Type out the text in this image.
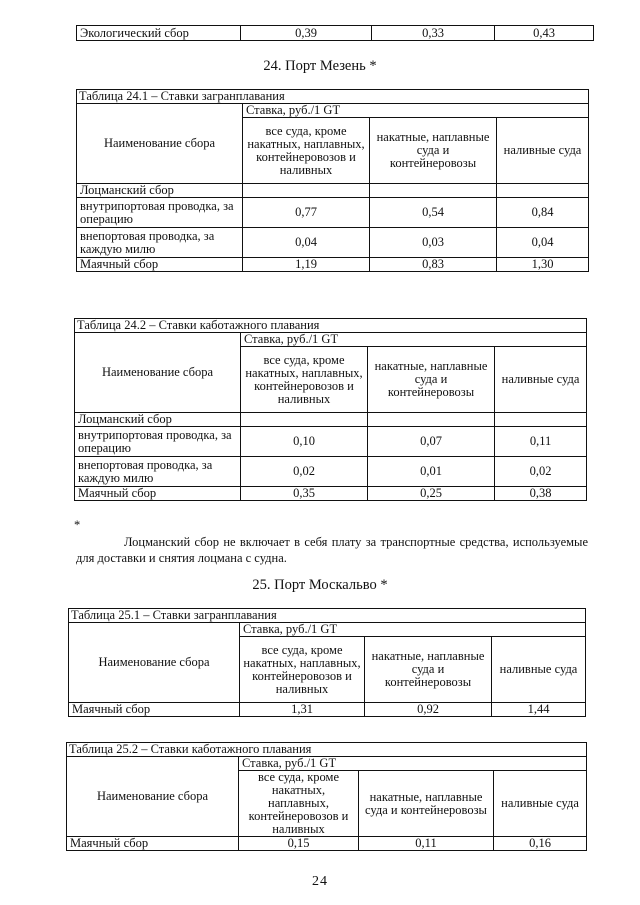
Экологический сбор	0,39	0,33	0,43
24. Порт Мезень *
Таблица 24.1 – Ставки загранплавания			
Наименование сбора	Ставка, руб./1 GT		
	все суда, кроме накатных, наплавных, контейнеровозов и наливных	накатные, наплавные суда и контейнеровозы	наливные суда
Лоцманский сбор			
внутрипортовая проводка, за операцию	0,77	0,54	0,84
внепортовая проводка, за каждую милю	0,04	0,03	0,04
Маячный сбор	1,19	0,83	1,30
Таблица 24.2 – Ставки каботажного плавания			
Наименование сбора	Ставка, руб./1 GT		
	все суда, кроме накатных, наплавных, контейнеровозов и наливных	накатные, наплавные суда и контейнеровозы	наливные суда
Лоцманский сбор			
внутрипортовая проводка, за операцию	0,10	0,07	0,11
внепортовая проводка, за каждую милю	0,02	0,01	0,02
Маячный сбор	0,35	0,25	0,38
*
Лоцманский сбор не включает в себя плату за транспортные средства, используемые для доставки и снятия лоцмана с судна.
25. Порт Москальво *
Таблица 25.1 – Ставки загранплавания			
Наименование сбора	Ставка, руб./1 GT		
	все суда, кроме накатных, наплавных, контейнеровозов и наливных	накатные, наплавные суда и контейнеровозы	наливные суда
Маячный сбор	1,31	0,92	1,44
Таблица 25.2 – Ставки каботажного плавания			
Наименование сбора	Ставка, руб./1 GT		
	все суда, кроме накатных, наплавных, контейнеровозов и наливных	накатные, наплавные суда и контейнеровозы	наливные суда
Маячный сбор	0,15	0,11	0,16
24
